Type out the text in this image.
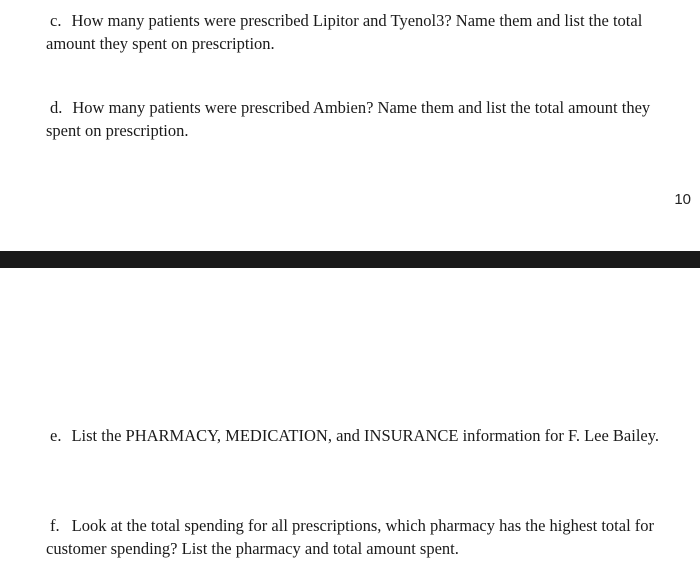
c. How many patients were prescribed Lipitor and Tyenol3? Name them and list the total amount they spent on prescription.

d. How many patients were prescribed Ambien? Name them and list the total amount they spent on prescription.

10

e. List the PHARMACY, MEDICATION, and INSURANCE information for F. Lee Bailey.

f. Look at the total spending for all prescriptions, which pharmacy has the highest total for customer spending? List the pharmacy and total amount spent.
